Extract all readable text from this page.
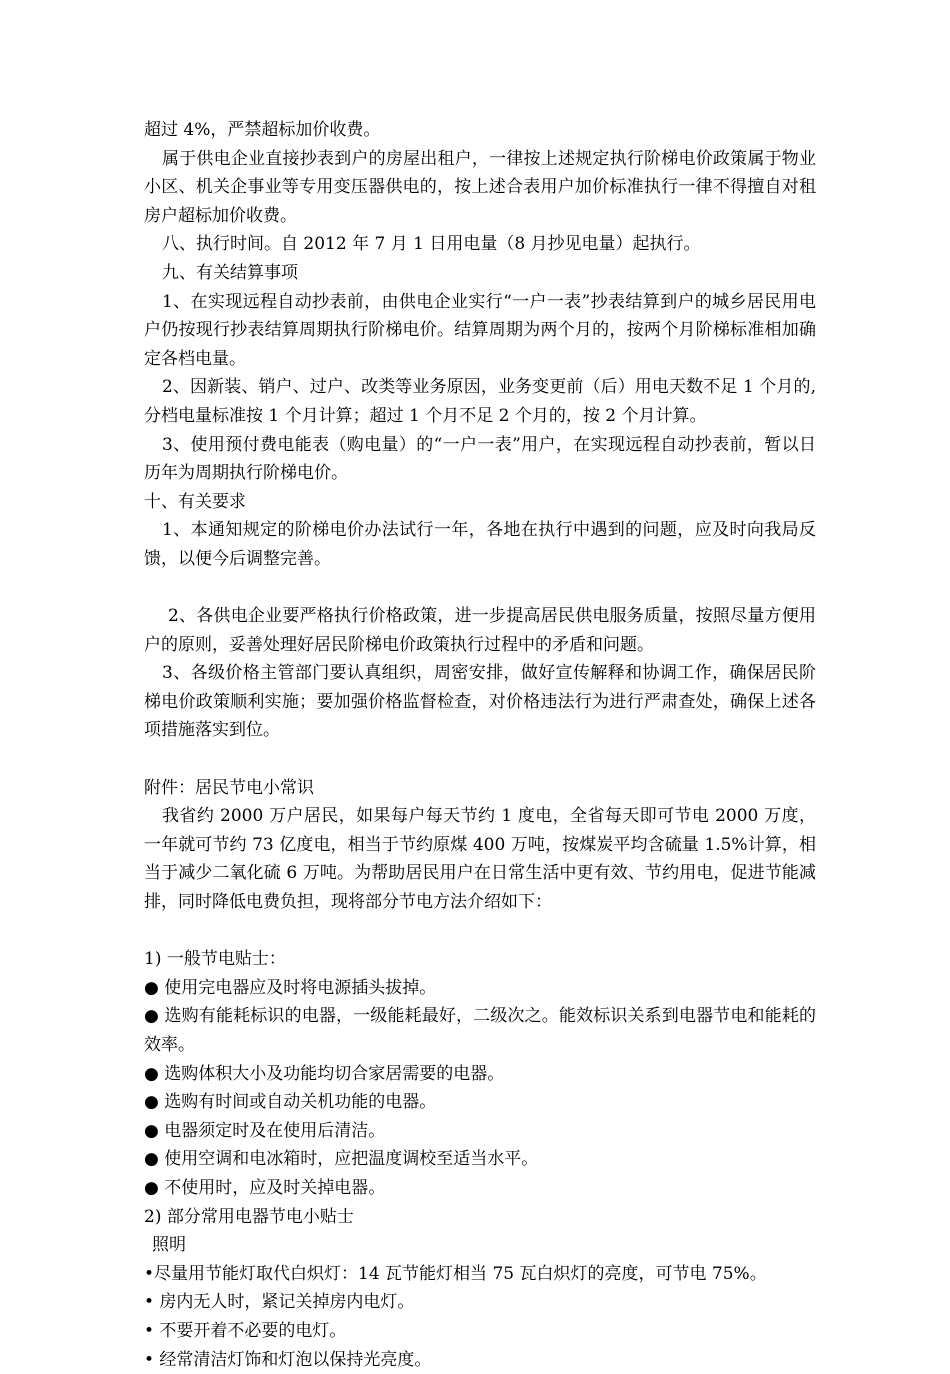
超过 4%，严禁超标加价收费。

属于供电企业直接抄表到户的房屋出租户，一律按上述规定执行阶梯电价政策属于物业小区、机关企事业等专用变压器供电的，按上述合表用户加价标准执行一律不得擅自对租房户超标加价收费。

八、执行时间。自 2012 年 7 月 1 日用电量（8 月抄见电量）起执行。

九、有关结算事项

1、在实现远程自动抄表前，由供电企业实行“一户一表”抄表结算到户的城乡居民用电户仍按现行抄表结算周期执行阶梯电价。结算周期为两个月的，按两个月阶梯标准相加确定各档电量。

2、因新装、销户、过户、改类等业务原因，业务变更前（后）用电天数不足 1 个月的, 分档电量标准按 1 个月计算；超过 1 个月不足 2 个月的，按 2 个月计算。

3、使用预付费电能表（购电量）的“一户一表”用户，在实现远程自动抄表前，暂以日历年为周期执行阶梯电价。

十、有关要求

1、本通知规定的阶梯电价办法试行一年，各地在执行中遇到的问题，应及时向我局反馈，以便今后调整完善。

2、各供电企业要严格执行价格政策，进一步提高居民供电服务质量，按照尽量方便用户的原则，妥善处理好居民阶梯电价政策执行过程中的矛盾和问题。

3、各级价格主管部门要认真组织，周密安排，做好宣传解释和协调工作，确保居民阶梯电价政策顺利实施；要加强价格监督检查，对价格违法行为进行严肃查处，确保上述各项措施落实到位。

附件：居民节电小常识

我省约 2000 万户居民，如果每户每天节约 1 度电，全省每天即可节电 2000 万度，一年就可节约 73 亿度电，相当于节约原煤 400 万吨，按煤炭平均含硫量 1.5%计算，相当于减少二氧化硫 6 万吨。为帮助居民用户在日常生活中更有效、节约用电，促进节能减排，同时降低电费负担，现将部分节电方法介绍如下：

1) 一般节电贴士：

● 使用完电器应及时将电源插头拔掉。

● 选购有能耗标识的电器，一级能耗最好，二级次之。能效标识关系到电器节电和能耗的效率。

● 选购体积大小及功能均切合家居需要的电器。

● 选购有时间或自动关机功能的电器。

● 电器须定时及在使用后清洁。

● 使用空调和电冰箱时，应把温度调校至适当水平。

● 不使用时，应及时关掉电器。

2) 部分常用电器节电小贴士

照明

•尽量用节能灯取代白炽灯：14 瓦节能灯相当 75 瓦白炽灯的亮度，可节电 75%。

• 房内无人时，紧记关掉房内电灯。

• 不要开着不必要的电灯。

• 经常清洁灯饰和灯泡以保持光亮度。
